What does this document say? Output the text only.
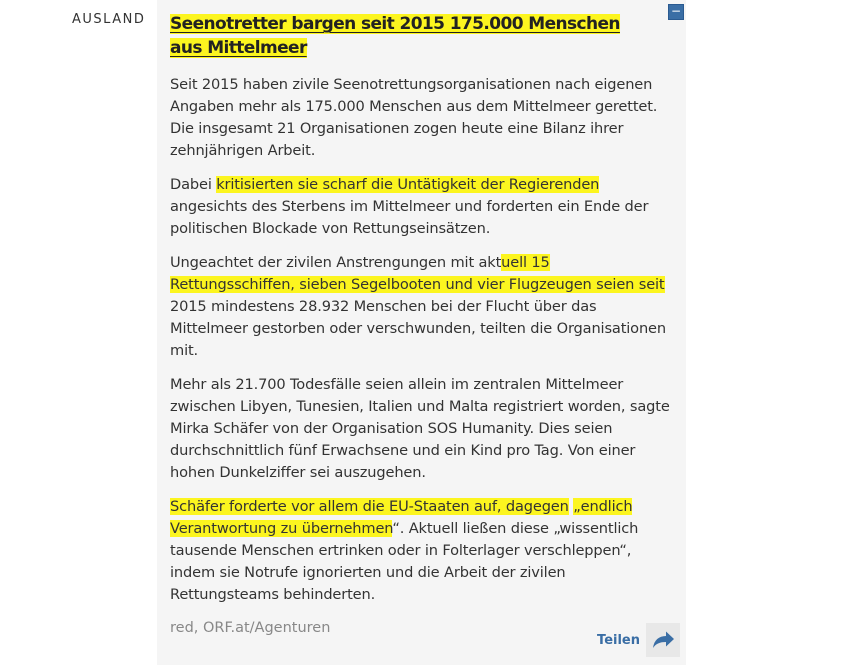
AUSLAND
−
Seenotretter bargen seit 2015 175.000 Menschen aus Mittelmeer

Seit 2015 haben zivile Seenotrettungsorganisationen nach eigenen Angaben mehr als 175.000 Menschen aus dem Mittelmeer gerettet. Die insgesamt 21 Organisationen zogen heute eine Bilanz ihrer zehnjährigen Arbeit.

Dabei kritisierten sie scharf die Untätigkeit der Regierenden angesichts des Sterbens im Mittelmeer und forderten ein Ende der politischen Blockade von Rettungseinsätzen.

Ungeachtet der zivilen Anstrengungen mit aktuell 15 Rettungsschiffen, sieben Segelbooten und vier Flugzeugen seien seit 2015 mindestens 28.932 Menschen bei der Flucht über das Mittelmeer gestorben oder verschwunden, teilten die Organisationen mit.

Mehr als 21.700 Todesfälle seien allein im zentralen Mittelmeer zwischen Libyen, Tunesien, Italien und Malta registriert worden, sagte Mirka Schäfer von der Organisation SOS Humanity. Dies seien durchschnittlich fünf Erwachsene und ein Kind pro Tag. Von einer hohen Dunkelziffer sei auszugehen.

Schäfer forderte vor allem die EU-Staaten auf, dagegen „endlich Verantwortung zu übernehmen“. Aktuell ließen diese „wissentlich tausende Menschen ertrinken oder in Folterlager verschleppen“, indem sie Notrufe ignorierten und die Arbeit der zivilen Rettungsteams behinderten.

red, ORF.at/Agenturen
Teilen
